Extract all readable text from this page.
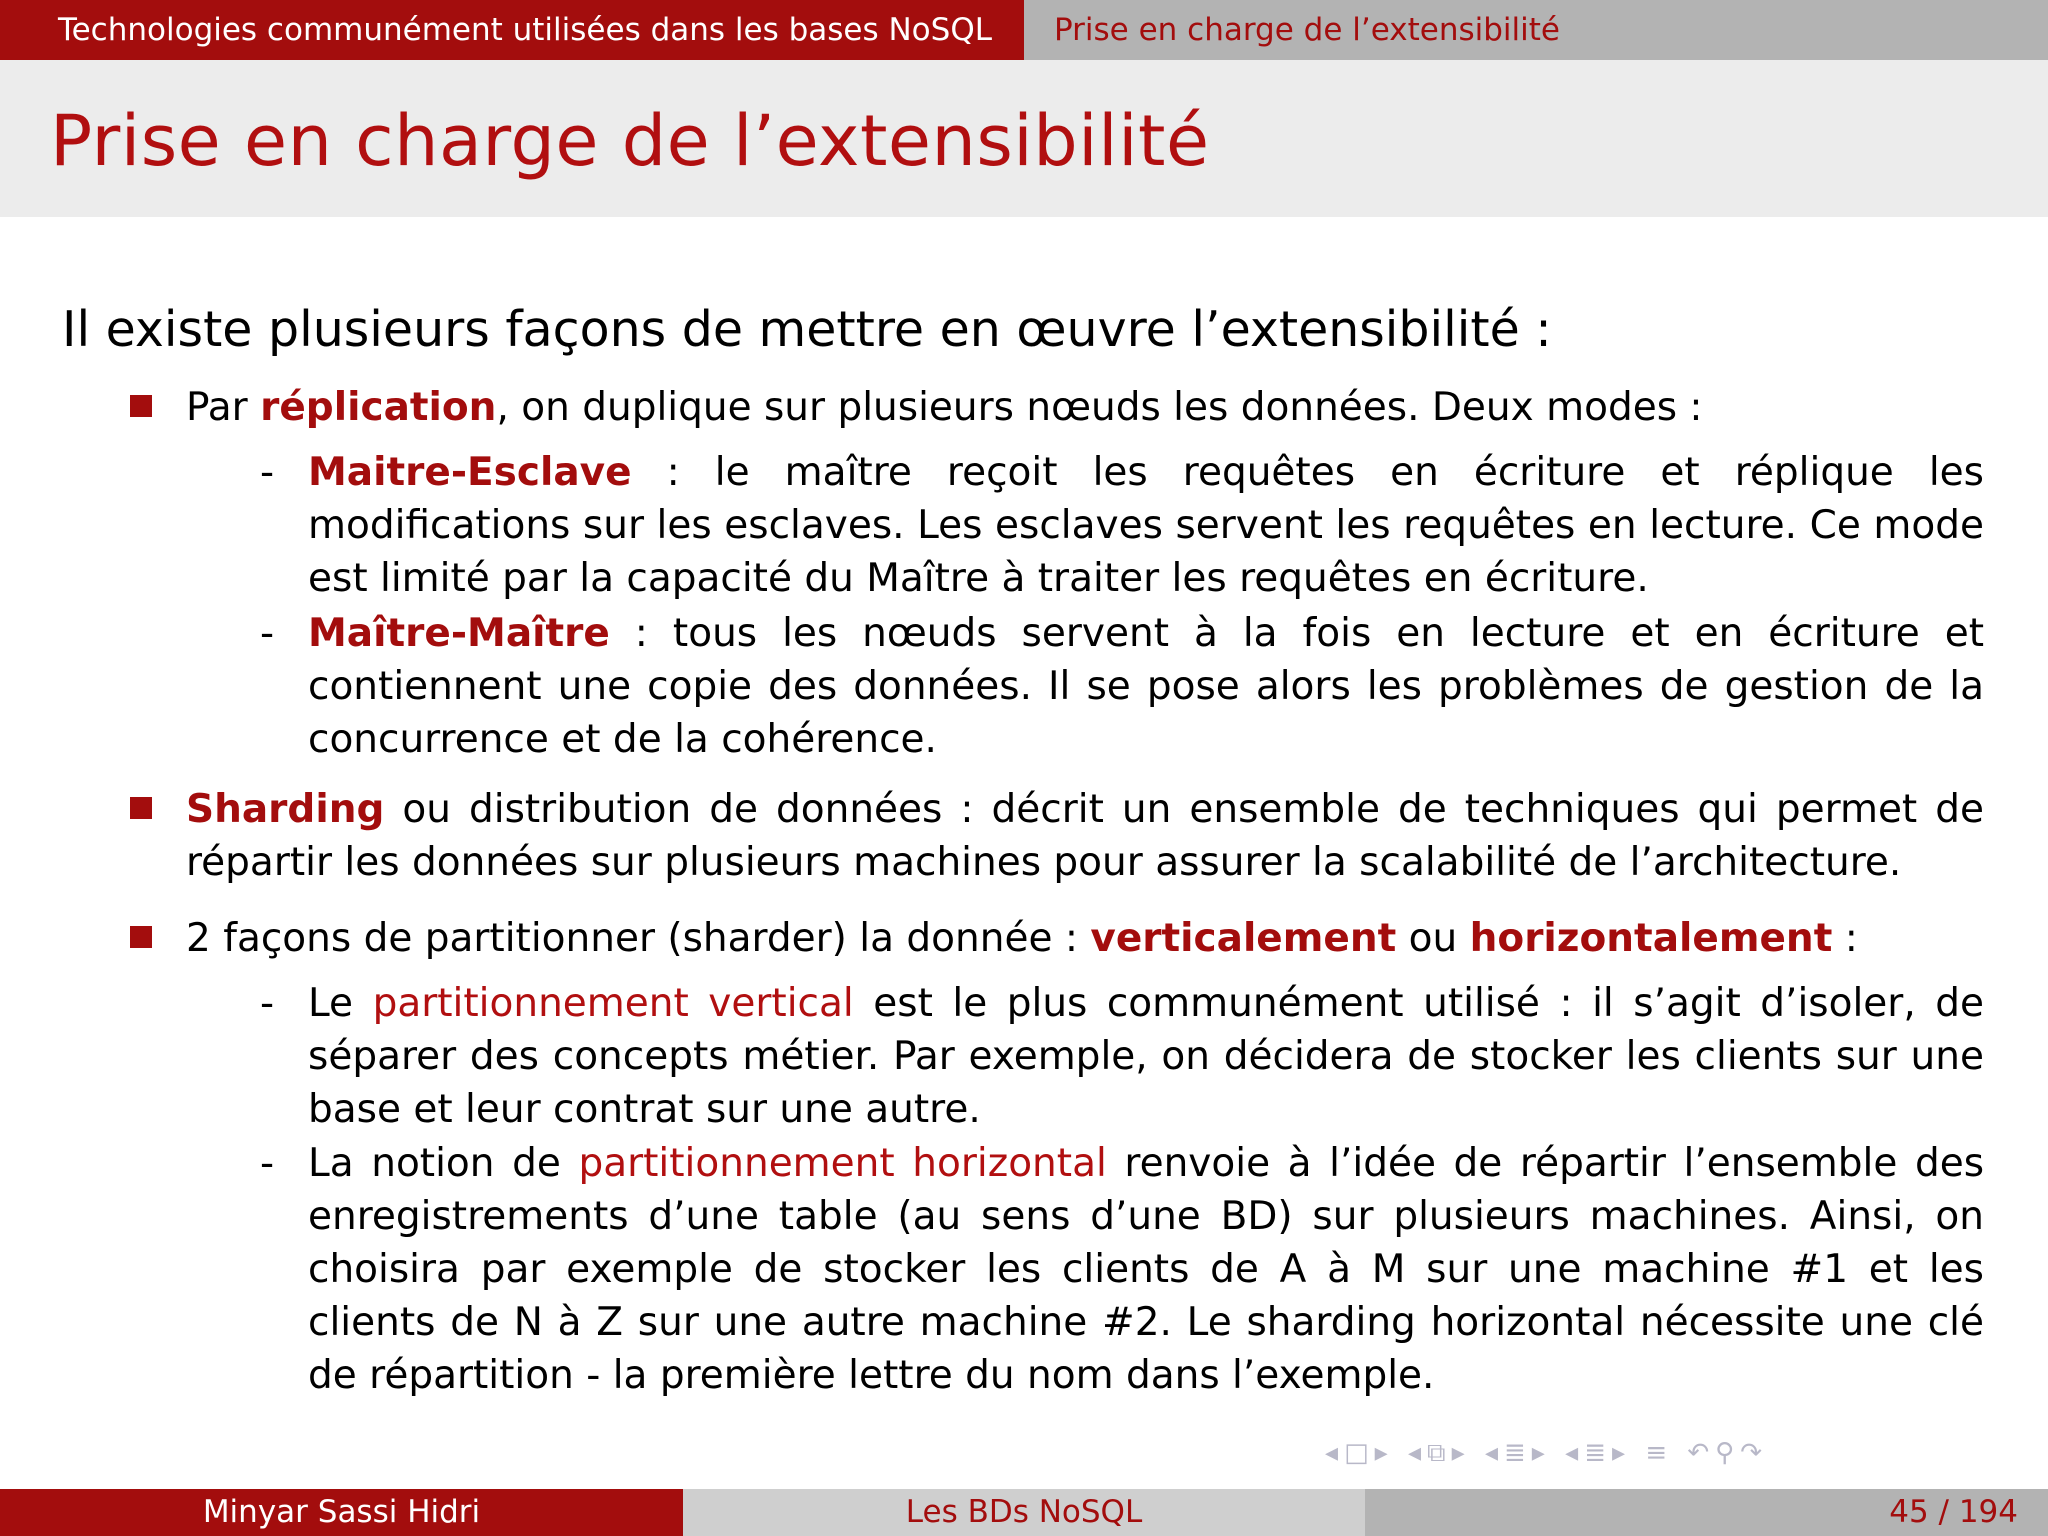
Technologies communément utilisées dans les bases NoSQL	Prise en charge de l’extensibilité
Prise en charge de l’extensibilité
Il existe plusieurs façons de mettre en œuvre l’extensibilité :
Par réplication, on duplique sur plusieurs nœuds les données. Deux modes :
- Maitre-Esclave : le maître reçoit les requêtes en écriture et réplique les modifications sur les esclaves. Les esclaves servent les requêtes en lecture. Ce mode est limité par la capacité du Maître à traiter les requêtes en écriture.
- Maître-Maître : tous les nœuds servent à la fois en lecture et en écriture et contiennent une copie des données. Il se pose alors les problèmes de gestion de la concurrence et de la cohérence.
Sharding ou distribution de données : décrit un ensemble de techniques qui permet de répartir les données sur plusieurs machines pour assurer la scalabilité de l’architecture.
2 façons de partitionner (sharder) la donnée : verticalement ou horizontalement :
- Le partitionnement vertical est le plus communément utilisé : il s’agit d’isoler, de séparer des concepts métier. Par exemple, on décidera de stocker les clients sur une base et leur contrat sur une autre.
- La notion de partitionnement horizontal renvoie à l’idée de répartir l’ensemble des enregistrements d’une table (au sens d’une BD) sur plusieurs machines. Ainsi, on choisira par exemple de stocker les clients de A à M sur une machine #1 et les clients de N à Z sur une autre machine #2. Le sharding horizontal nécessite une clé de répartition - la première lettre du nom dans l’exemple.
◂□▸ ◂⧉▸ ◂≣▸ ◂≣▸ ≡ ↶⚲↷
Minyar Sassi Hidri	Les BDs NoSQL	45 / 194
